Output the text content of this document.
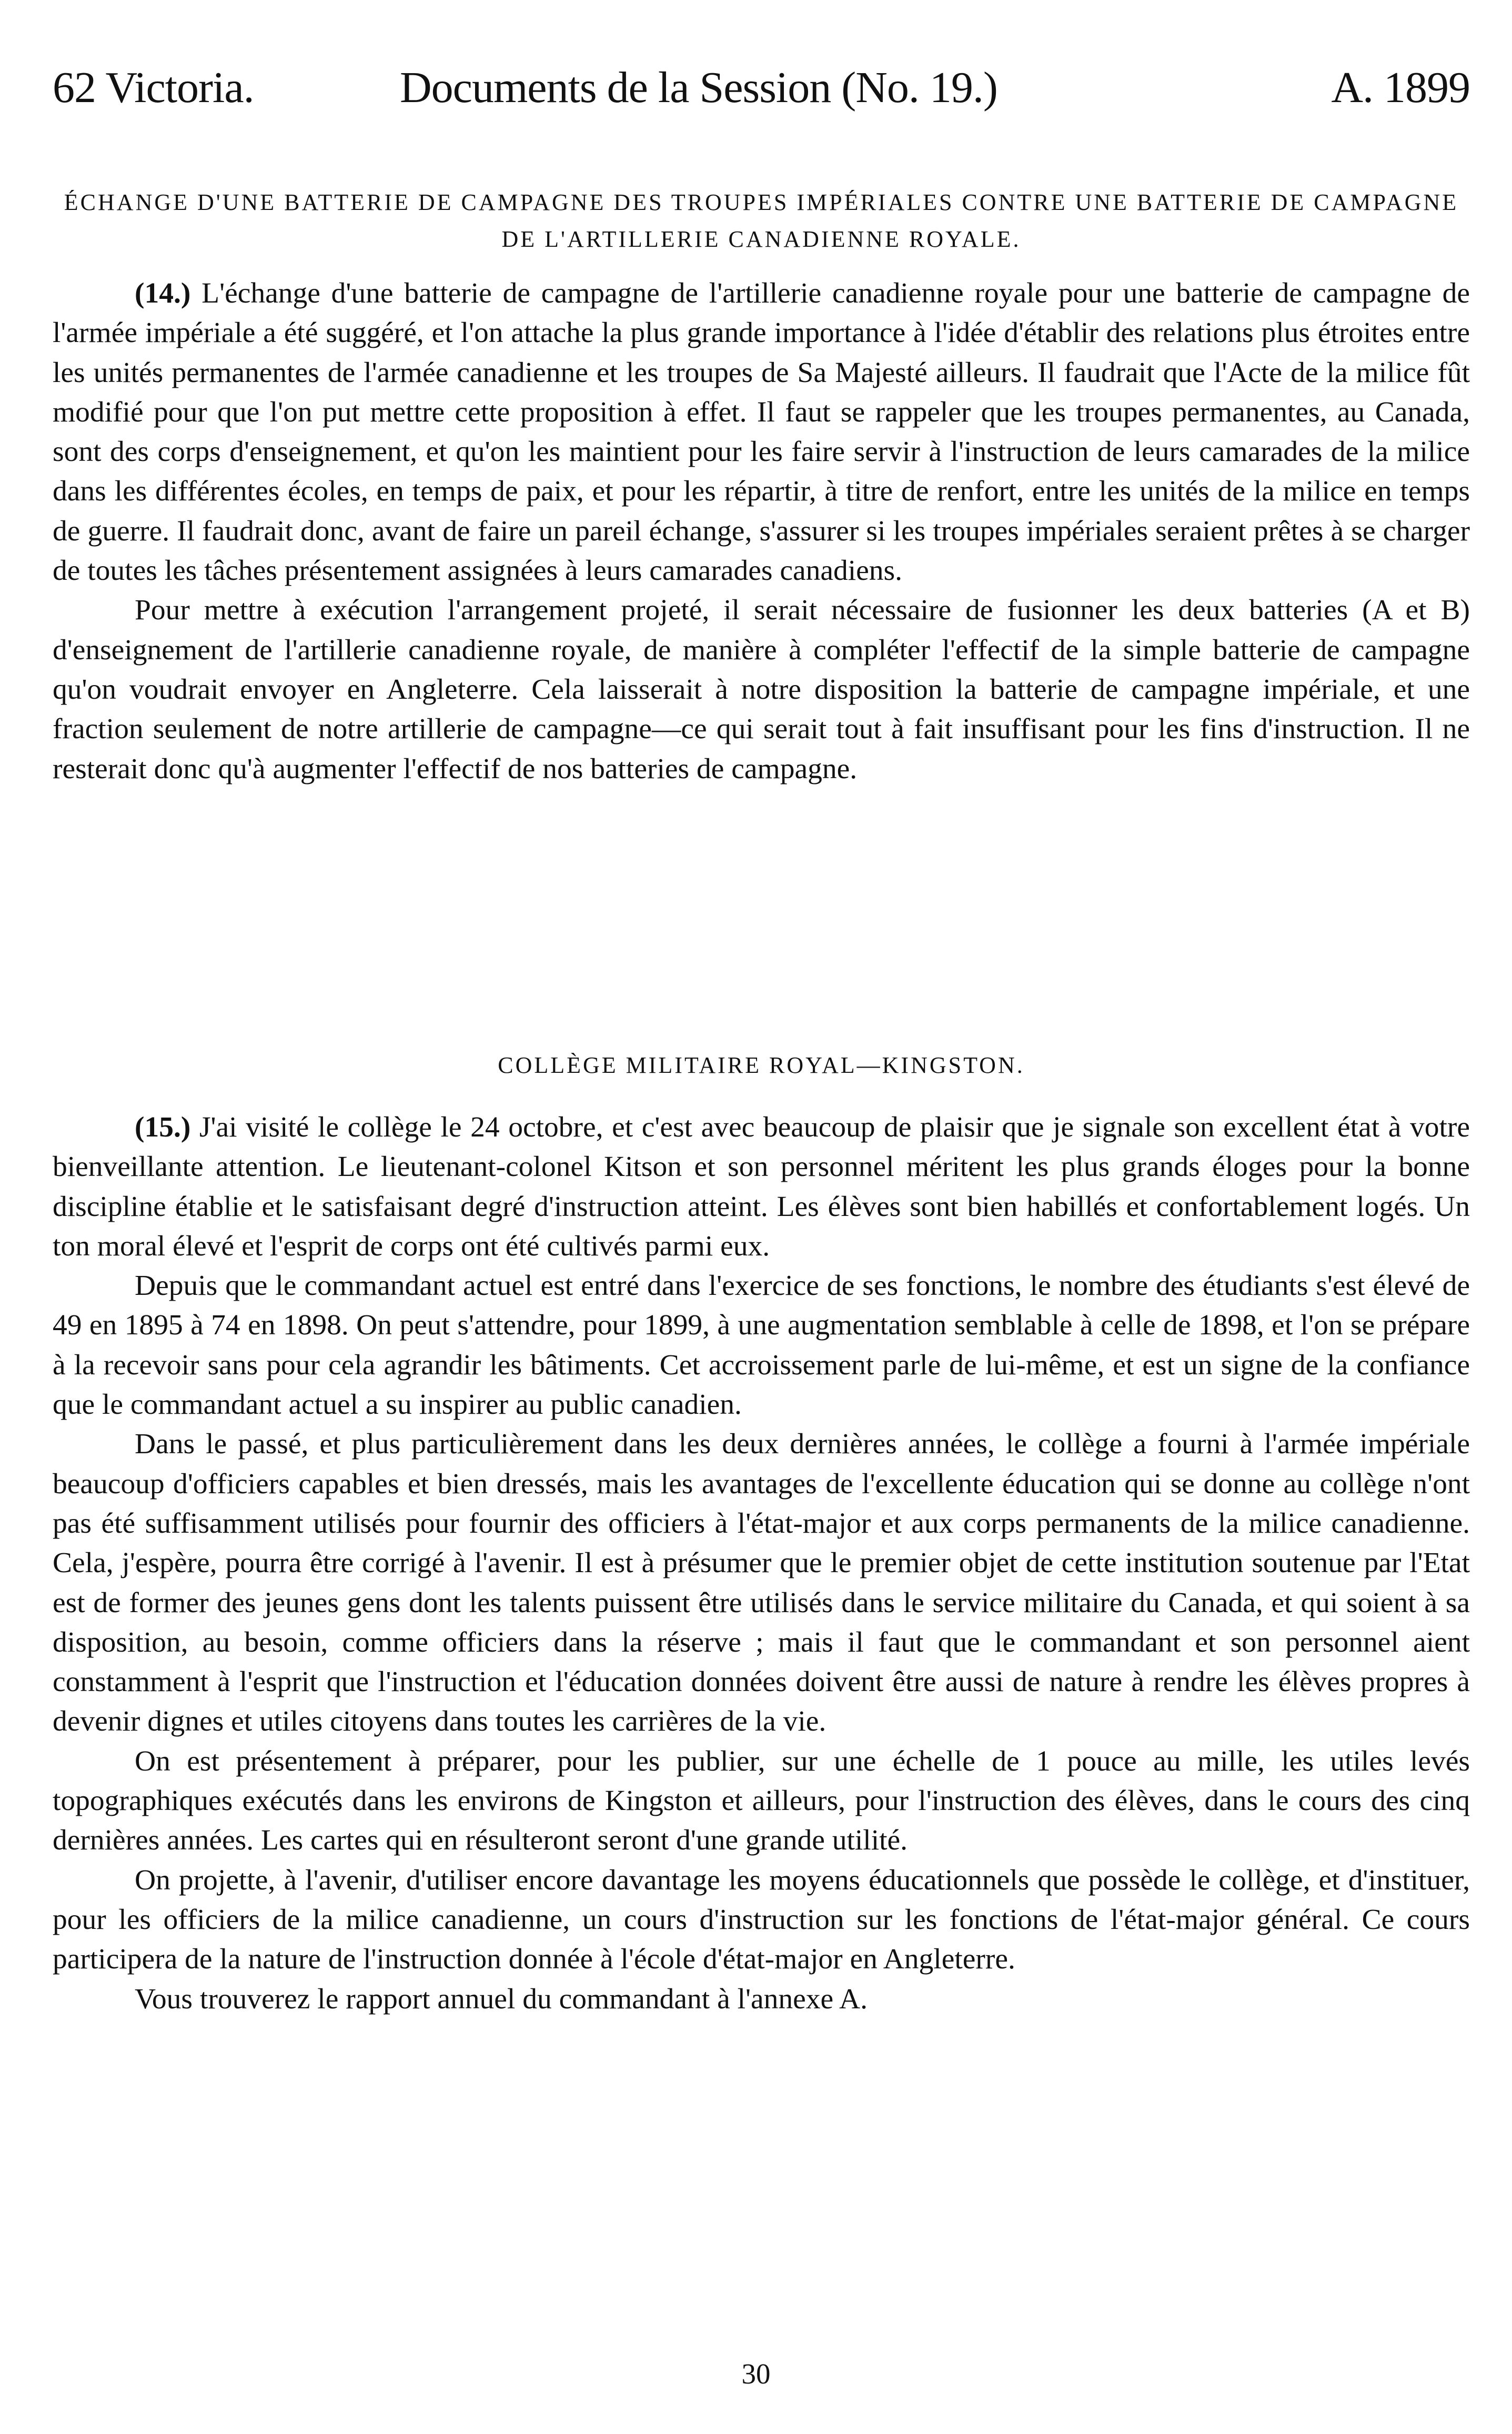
62 Victoria.	Documents de la Session (No. 19.)	A. 1899
ÉCHANGE D'UNE BATTERIE DE CAMPAGNE DES TROUPES IMPÉRIALES CONTRE UNE BATTERIE DE CAMPAGNE DE L'ARTILLERIE CANADIENNE ROYALE.

(14.) L'échange d'une batterie de campagne de l'artillerie canadienne royale pour une batterie de campagne de l'armée impériale a été suggéré, et l'on attache la plus grande importance à l'idée d'établir des relations plus étroites entre les unités permanentes de l'armée canadienne et les troupes de Sa Majesté ailleurs. Il faudrait que l'Acte de la milice fût modifié pour que l'on put mettre cette proposition à effet. Il faut se rappeler que les troupes permanentes, au Canada, sont des corps d'enseignement, et qu'on les maintient pour les faire servir à l'instruction de leurs camarades de la milice dans les différentes écoles, en temps de paix, et pour les répartir, à titre de renfort, entre les unités de la milice en temps de guerre. Il faudrait donc, avant de faire un pareil échange, s'assurer si les troupes impériales seraient prêtes à se charger de toutes les tâches présentement assignées à leurs camarades canadiens.

Pour mettre à exécution l'arrangement projeté, il serait nécessaire de fusionner les deux batteries (A et B) d'enseignement de l'artillerie canadienne royale, de manière à compléter l'effectif de la simple batterie de campagne qu'on voudrait envoyer en Angleterre. Cela laisserait à notre disposition la batterie de campagne impériale, et une fraction seulement de notre artillerie de campagne—ce qui serait tout à fait insuffisant pour les fins d'instruction. Il ne resterait donc qu'à augmenter l'effectif de nos batteries de campagne.

COLLÈGE MILITAIRE ROYAL—KINGSTON.

(15.) J'ai visité le collège le 24 octobre, et c'est avec beaucoup de plaisir que je signale son excellent état à votre bienveillante attention. Le lieutenant-colonel Kitson et son personnel méritent les plus grands éloges pour la bonne discipline établie et le satisfaisant degré d'instruction atteint. Les élèves sont bien habillés et confortablement logés. Un ton moral élevé et l'esprit de corps ont été cultivés parmi eux.

Depuis que le commandant actuel est entré dans l'exercice de ses fonctions, le nombre des étudiants s'est élevé de 49 en 1895 à 74 en 1898. On peut s'attendre, pour 1899, à une augmentation semblable à celle de 1898, et l'on se prépare à la recevoir sans pour cela agrandir les bâtiments. Cet accroissement parle de lui-même, et est un signe de la confiance que le commandant actuel a su inspirer au public canadien.

Dans le passé, et plus particulièrement dans les deux dernières années, le collège a fourni à l'armée impériale beaucoup d'officiers capables et bien dressés, mais les avantages de l'excellente éducation qui se donne au collège n'ont pas été suffisamment utilisés pour fournir des officiers à l'état-major et aux corps permanents de la milice canadienne. Cela, j'espère, pourra être corrigé à l'avenir. Il est à présumer que le premier objet de cette institution soutenue par l'Etat est de former des jeunes gens dont les talents puissent être utilisés dans le service militaire du Canada, et qui soient à sa disposition, au besoin, comme officiers dans la réserve ; mais il faut que le commandant et son personnel aient constamment à l'esprit que l'instruction et l'éducation données doivent être aussi de nature à rendre les élèves propres à devenir dignes et utiles citoyens dans toutes les carrières de la vie.

On est présentement à préparer, pour les publier, sur une échelle de 1 pouce au mille, les utiles levés topographiques exécutés dans les environs de Kingston et ailleurs, pour l'instruction des élèves, dans le cours des cinq dernières années. Les cartes qui en résulteront seront d'une grande utilité.

On projette, à l'avenir, d'utiliser encore davantage les moyens éducationnels que possède le collège, et d'instituer, pour les officiers de la milice canadienne, un cours d'instruction sur les fonctions de l'état-major général. Ce cours participera de la nature de l'instruction donnée à l'école d'état-major en Angleterre.

Vous trouverez le rapport annuel du commandant à l'annexe A.

30
